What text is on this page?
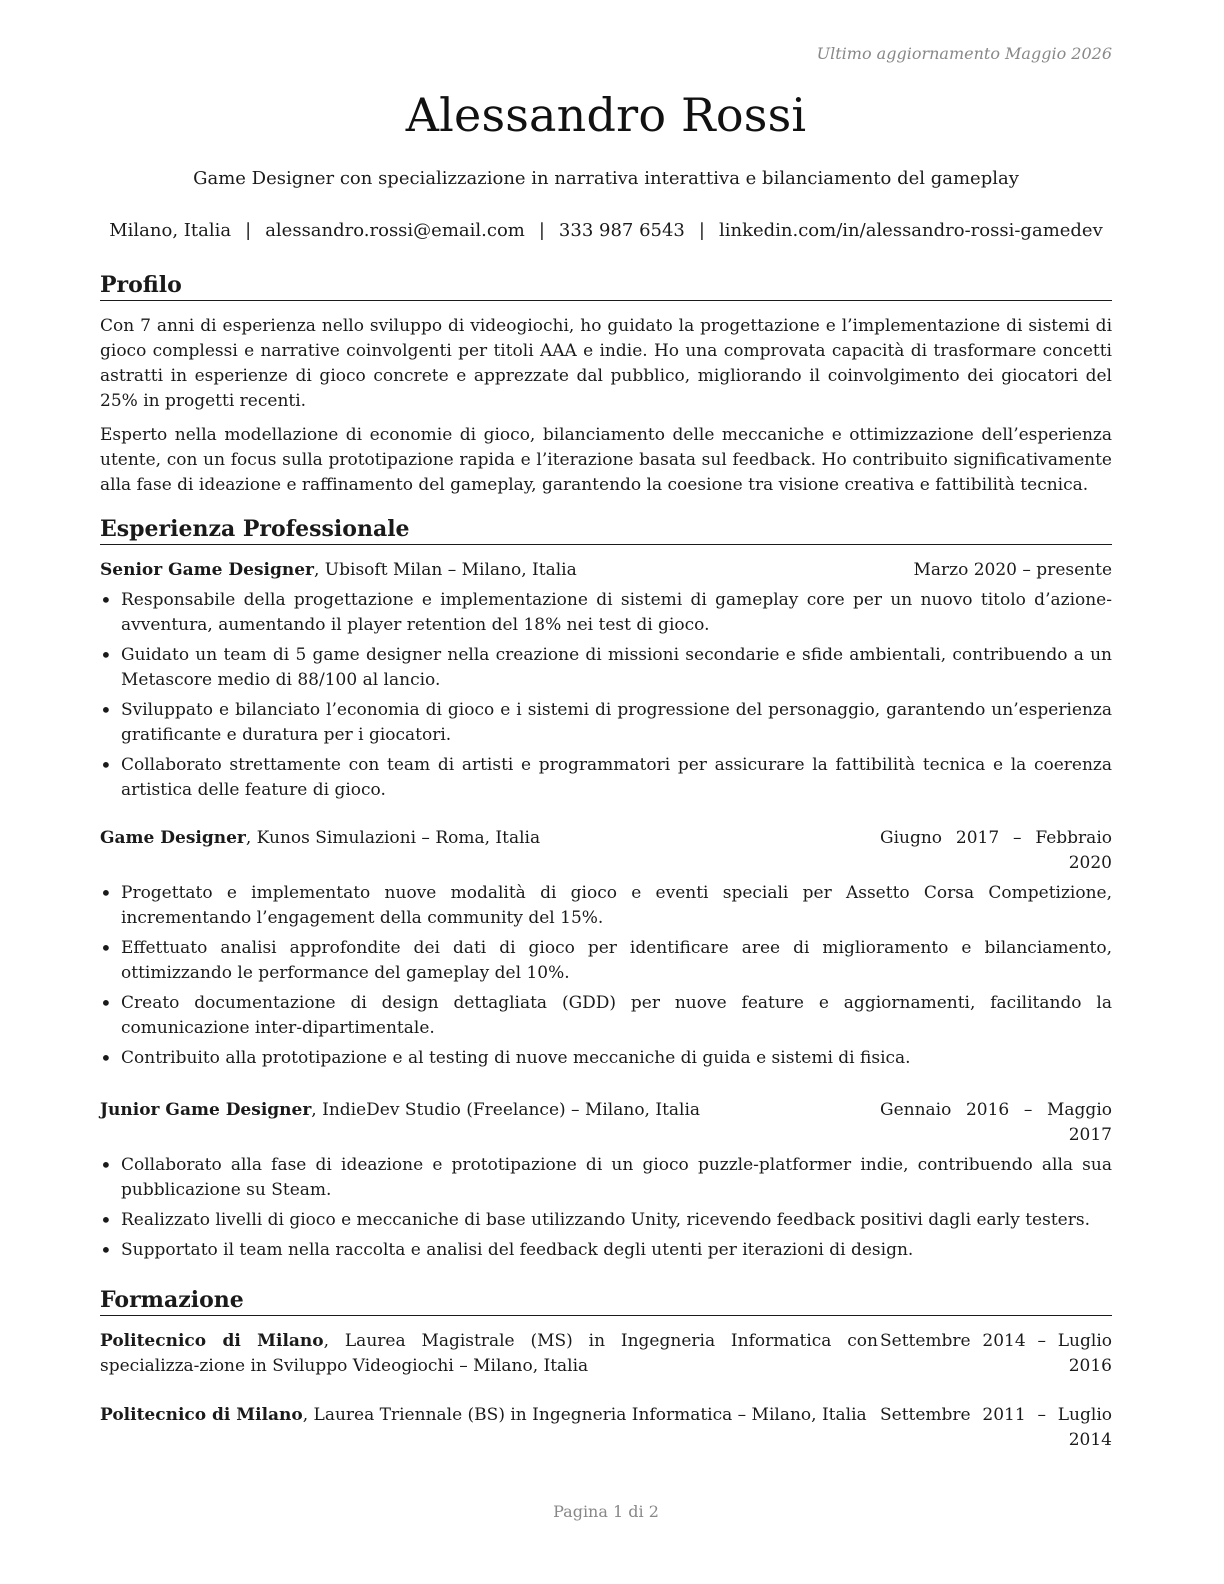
Ultimo aggiornamento Maggio 2026
Alessandro Rossi
Game Designer con specializzazione in narrativa interattiva e bilanciamento del gameplay
Milano, Italia | alessandro.rossi@email.com | 333 987 6543 | linkedin.com/in/alessandro-rossi-gamedev
Profilo

Con 7 anni di esperienza nello sviluppo di videogiochi, ho guidato la progettazione e l’implementazione di sistemi di gioco complessi e narrative coinvolgenti per titoli AAA e indie. Ho una comprovata capacità di trasformare concetti astratti in esperienze di gioco concrete e apprezzate dal pubblico, migliorando il coinvolgimento dei giocatori del 25% in progetti recenti.

Esperto nella modellazione di economie di gioco, bilanciamento delle meccaniche e ottimizzazione dell’esperienza utente, con un focus sulla prototipazione rapida e l’iterazione basata sul feedback. Ho contribuito significativamente alla fase di ideazione e raffinamento del gameplay, garantendo la coesione tra visione creativa e fattibilità tecnica.

Esperienza Professionale
Senior Game Designer, Ubisoft Milan – Milano, Italia	Marzo 2020 – presente
• Responsabile della progettazione e implementazione di sistemi di gameplay core per un nuovo titolo d’azione-avventura, aumentando il player retention del 18% nei test di gioco.
• Guidato un team di 5 game designer nella creazione di missioni secondarie e sfide ambientali, contribuendo a un Metascore medio di 88/100 al lancio.
• Sviluppato e bilanciato l’economia di gioco e i sistemi di progressione del personaggio, garantendo un’esperienza gratificante e duratura per i giocatori.
• Collaborato strettamente con team di artisti e programmatori per assicurare la fattibilità tecnica e la coerenza artistica delle feature di gioco.
Game Designer, Kunos Simulazioni – Roma, Italia	Giugno 2017 – Febbraio 2020
• Progettato e implementato nuove modalità di gioco e eventi speciali per Assetto Corsa Competizione, incrementando l’engagement della community del 15%.
• Effettuato analisi approfondite dei dati di gioco per identificare aree di miglioramento e bilanciamento, ottimizzando le performance del gameplay del 10%.
• Creato documentazione di design dettagliata (GDD) per nuove feature e aggiornamenti, facilitando la comunicazione inter-dipartimentale.
• Contribuito alla prototipazione e al testing di nuove meccaniche di guida e sistemi di fisica.
Junior Game Designer, IndieDev Studio (Freelance) – Milano, Italia	Gennaio 2016 – Maggio 2017
• Collaborato alla fase di ideazione e prototipazione di un gioco puzzle-platformer indie, contribuendo alla sua pubblicazione su Steam.
• Realizzato livelli di gioco e meccaniche di base utilizzando Unity, ricevendo feedback positivi dagli early testers.
• Supportato il team nella raccolta e analisi del feedback degli utenti per iterazioni di design.
Formazione
Politecnico di Milano, Laurea Magistrale (MS) in Ingegneria Informatica con specializza-zione in Sviluppo Videogiochi – Milano, Italia
Settembre 2014 – Luglio 2016
Politecnico di Milano, Laurea Triennale (BS) in Ingegneria Informatica – Milano, Italia Settembre 2011 – Luglio 2014
Pagina 1 di 2
